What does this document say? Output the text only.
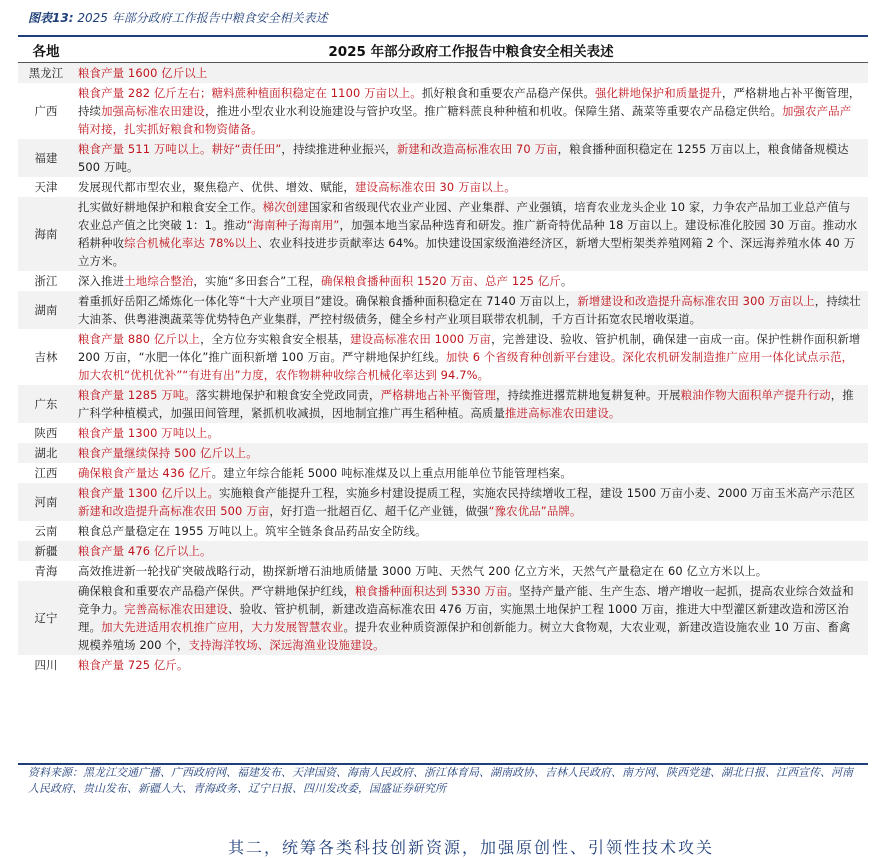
图表13: 2025 年部分政府工作报告中粮食安全相关表述
各地	2025 年部分政府工作报告中粮食安全相关表述
黑龙江	粮食产量 1600 亿斤以上
广西	粮食产量 282 亿斤左右；糖料蔗种植面积稳定在 1100 万亩以上。抓好粮食和重要农产品稳产保供。强化耕地保护和质量提升，严格耕地占补平衡管理，持续加强高标准农田建设，推进小型农业水利设施建设与管护攻坚。推广糖料蔗良种种植和机收。保障生猪、蔬菜等重要农产品稳定供给。加强农产品产销对接，扎实抓好粮食和物资储备。
福建	粮食产量 511 万吨以上。耕好“责任田”，持续推进种业振兴，新建和改造高标准农田 70 万亩，粮食播种面积稳定在 1255 万亩以上，粮食储备规模达 500 万吨。
天津	发展现代都市型农业，聚焦稳产、优供、增效、赋能，建设高标准农田 30 万亩以上。
海南	扎实做好耕地保护和粮食安全工作。梯次创建国家和省级现代农业产业园、产业集群、产业强镇，培育农业龙头企业 10 家，力争农产品加工业总产值与农业总产值之比突破 1：1。推动“海南种子海南用”，加强本地当家品种选育和研发。推广新奇特优品种 18 万亩以上。建设标准化胶园 30 万亩。推动水稻耕种收综合机械化率达 78%以上、农业科技进步贡献率达 64%。加快建设国家级渔港经济区，新增大型桁架类养殖网箱 2 个、深远海养殖水体 40 万立方米。
浙江	深入推进土地综合整治，实施“多田套合”工程，确保粮食播种面积 1520 万亩、总产 125 亿斤。
湖南	着重抓好岳阳乙烯炼化一体化等“十大产业项目”建设。确保粮食播种面积稳定在 7140 万亩以上，新增建设和改造提升高标准农田 300 万亩以上，持续壮大油茶、供粤港澳蔬菜等优势特色产业集群，严控村级债务，健全乡村产业项目联带农机制，千方百计拓宽农民增收渠道。
吉林	粮食产量 880 亿斤以上，全方位夯实粮食安全根基，建设高标准农田 1000 万亩，完善建设、验收、管护机制，确保建一亩成一亩。保护性耕作面积新增 200 万亩，“水肥一体化”推广面积新增 100 万亩。严守耕地保护红线。加快 6 个省级育种创新平台建设。深化农机研发制造推广应用一体化试点示范，加大农机“优机优补”“有进有出”力度，农作物耕种收综合机械化率达到 94.7%。
广东	粮食产量 1285 万吨。落实耕地保护和粮食安全党政同责，严格耕地占补平衡管理，持续推进撂荒耕地复耕复种。开展粮油作物大面积单产提升行动，推广科学种植模式，加强田间管理，紧抓机收减损，因地制宜推广再生稻种植。高质量推进高标准农田建设。
陕西	粮食产量 1300 万吨以上。
湖北	粮食产量继续保持 500 亿斤以上。
江西	确保粮食产量达 436 亿斤。建立年综合能耗 5000 吨标准煤及以上重点用能单位节能管理档案。
河南	粮食产量 1300 亿斤以上。实施粮食产能提升工程，实施乡村建设提质工程，实施农民持续增收工程，建设 1500 万亩小麦、2000 万亩玉米高产示范区新建和改造提升高标准农田 500 万亩，好打造一批超百亿、超千亿产业链，做强“豫农优品”品牌。
云南	粮食总产量稳定在 1955 万吨以上。筑牢全链条食品药品安全防线。
新疆	粮食产量 476 亿斤以上。
青海	高效推进新一轮找矿突破战略行动，勘探新增石油地质储量 3000 万吨、天然气 200 亿立方米，天然气产量稳定在 60 亿立方米以上。
辽宁	确保粮食和重要农产品稳产保供。严守耕地保护红线，粮食播种面积达到 5330 万亩。坚持产量产能、生产生态、增产增收一起抓，提高农业综合效益和竞争力。完善高标准农田建设、验收、管护机制，新建改造高标准农田 476 万亩，实施黑土地保护工程 1000 万亩，推进大中型灌区新建改造和涝区治理。加大先进适用农机推广应用，大力发展智慧农业。提升农业种质资源保护和创新能力。树立大食物观，大农业观，新建改造设施农业 10 万亩、畜禽规模养殖场 200 个，支持海洋牧场、深远海渔业设施建设。
四川	粮食产量 725 亿斤。
资料来源：黑龙江交通广播、广西政府网、福建发布、天津国资、海南人民政府、浙江体育局、湖南政协、吉林人民政府、南方网、陕西党建、湖北日报、江西宣传、河南人民政府、贵山发布、新疆人大、青海政务、辽宁日报、四川发改委，国盛证券研究所
其二，统筹各类科技创新资源，加强原创性、引领性技术攻关
